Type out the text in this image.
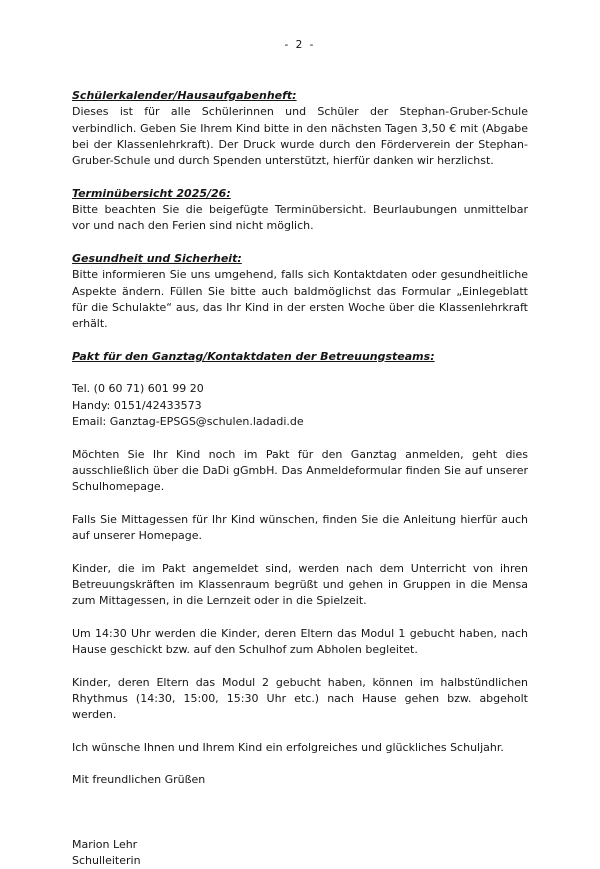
- 2 -

Schülerkalender/Hausaufgabenheft:

Dieses ist für alle Schülerinnen und Schüler der Stephan-Gruber-Schule verbindlich. Geben Sie Ihrem Kind bitte in den nächsten Tagen 3,50 € mit (Abgabe bei der Klassenlehrkraft). Der Druck wurde durch den Förderverein der Stephan-Gruber-Schule und durch Spenden unterstützt, hierfür danken wir herzlichst.

Terminübersicht 2025/26:

Bitte beachten Sie die beigefügte Terminübersicht. Beurlaubungen unmittelbar vor und nach den Ferien sind nicht möglich.

Gesundheit und Sicherheit:

Bitte informieren Sie uns umgehend, falls sich Kontaktdaten oder gesundheitliche Aspekte ändern. Füllen Sie bitte auch baldmöglichst das Formular „Einlegeblatt für die Schulakte“ aus, das Ihr Kind in der ersten Woche über die Klassenlehrkraft erhält.

Pakt für den Ganztag/Kontaktdaten der Betreuungsteams:

Tel. (0 60 71) 601 99 20

Handy: 0151/42433573

Email: Ganztag-EPSGS@schulen.ladadi.de

Möchten Sie Ihr Kind noch im Pakt für den Ganztag anmelden, geht dies ausschließlich über die DaDi gGmbH. Das Anmeldeformular finden Sie auf unserer Schulhomepage.

Falls Sie Mittagessen für Ihr Kind wünschen, finden Sie die Anleitung hierfür auch auf unserer Homepage.

Kinder, die im Pakt angemeldet sind, werden nach dem Unterricht von ihren Betreuungskräften im Klassenraum begrüßt und gehen in Gruppen in die Mensa zum Mittagessen, in die Lernzeit oder in die Spielzeit.

Um 14:30 Uhr werden die Kinder, deren Eltern das Modul 1 gebucht haben, nach Hause geschickt bzw. auf den Schulhof zum Abholen begleitet.

Kinder, deren Eltern das Modul 2 gebucht haben, können im halbstündlichen Rhythmus (14:30, 15:00, 15:30 Uhr etc.) nach Hause gehen bzw. abgeholt werden.

Ich wünsche Ihnen und Ihrem Kind ein erfolgreiches und glückliches Schuljahr.

Mit freundlichen Grüßen

Marion Lehr

Schulleiterin
